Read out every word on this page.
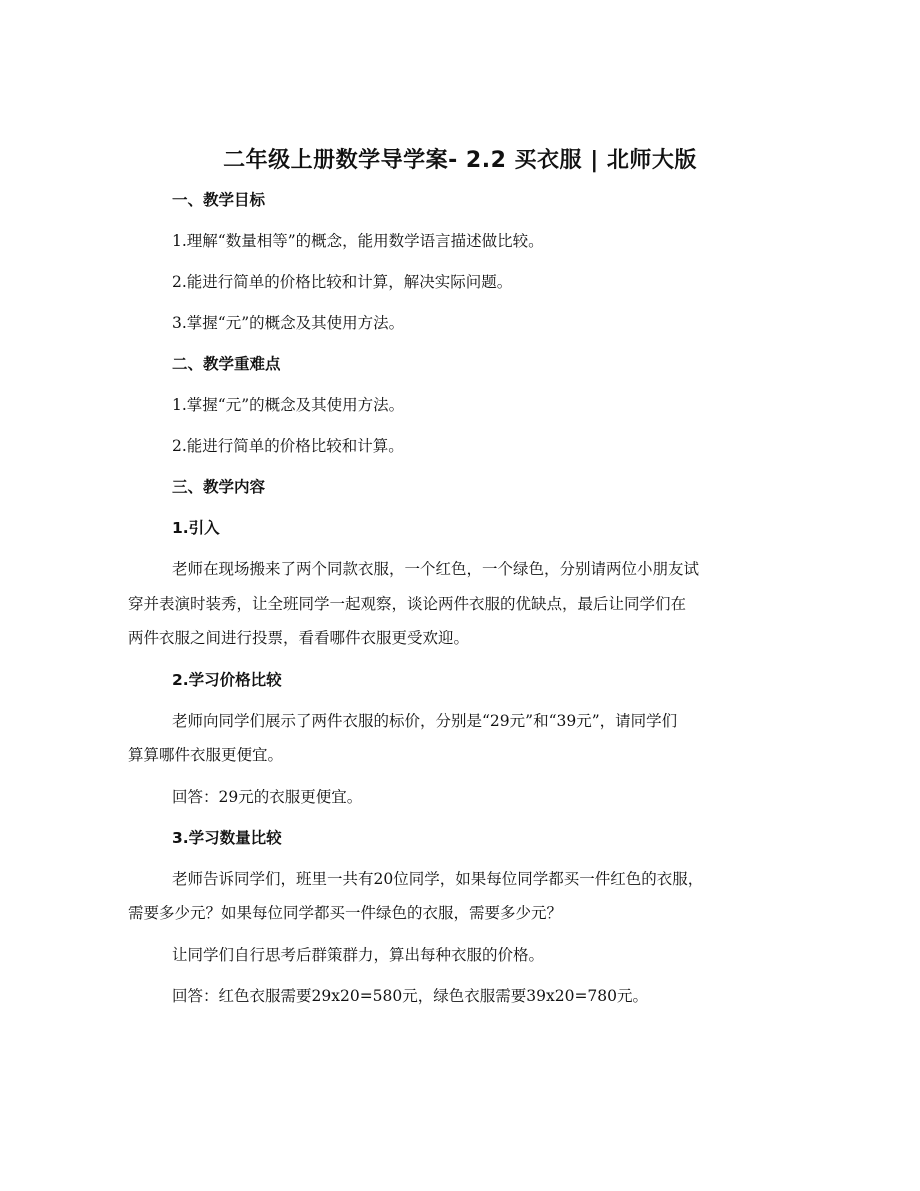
二年级上册数学导学案- 2.2 买衣服 | 北师大版
一、教学目标
1.理解“数量相等”的概念，能用数学语言描述做比较。
2.能进行简单的价格比较和计算，解决实际问题。
3.掌握“元”的概念及其使用方法。
二、教学重难点
1.掌握“元”的概念及其使用方法。
2.能进行简单的价格比较和计算。
三、教学内容
1.引入
老师在现场搬来了两个同款衣服，一个红色，一个绿色，分别请两位小朋友试
穿并表演时装秀，让全班同学一起观察，谈论两件衣服的优缺点，最后让同学们在
两件衣服之间进行投票，看看哪件衣服更受欢迎。
2.学习价格比较
老师向同学们展示了两件衣服的标价，分别是“29元”和“39元”，请同学们
算算哪件衣服更便宜。
回答：29元的衣服更便宜。
3.学习数量比较
老师告诉同学们，班里一共有20位同学，如果每位同学都买一件红色的衣服，
需要多少元？如果每位同学都买一件绿色的衣服，需要多少元？
让同学们自行思考后群策群力，算出每种衣服的价格。
回答：红色衣服需要29x20=580元，绿色衣服需要39x20=780元。
